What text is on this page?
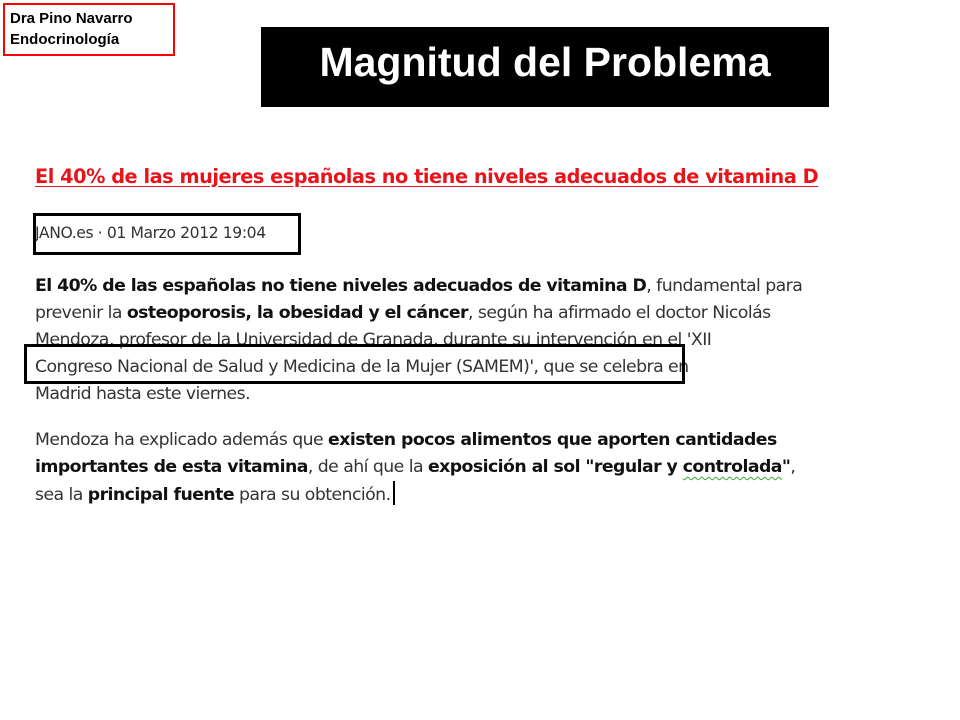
Dra Pino Navarro
Endocrinología	Magnitud del Problema
El 40% de las mujeres españolas no tiene niveles adecuados de vitamina D
JANO.es · 01 Marzo 2012 19:04
El 40% de las españolas no tiene niveles adecuados de vitamina D, fundamental para
prevenir la osteoporosis, la obesidad y el cáncer, según ha afirmado el doctor Nicolás
Mendoza, profesor de la Universidad de Granada, durante su intervención en el 'XII
Congreso Nacional de Salud y Medicina de la Mujer (SAMEM)', que se celebra en
Madrid hasta este viernes.
Mendoza ha explicado además que existen pocos alimentos que aporten cantidades
importantes de esta vitamina, de ahí que la exposición al sol "regular y controlada",
sea la principal fuente para su obtención.
